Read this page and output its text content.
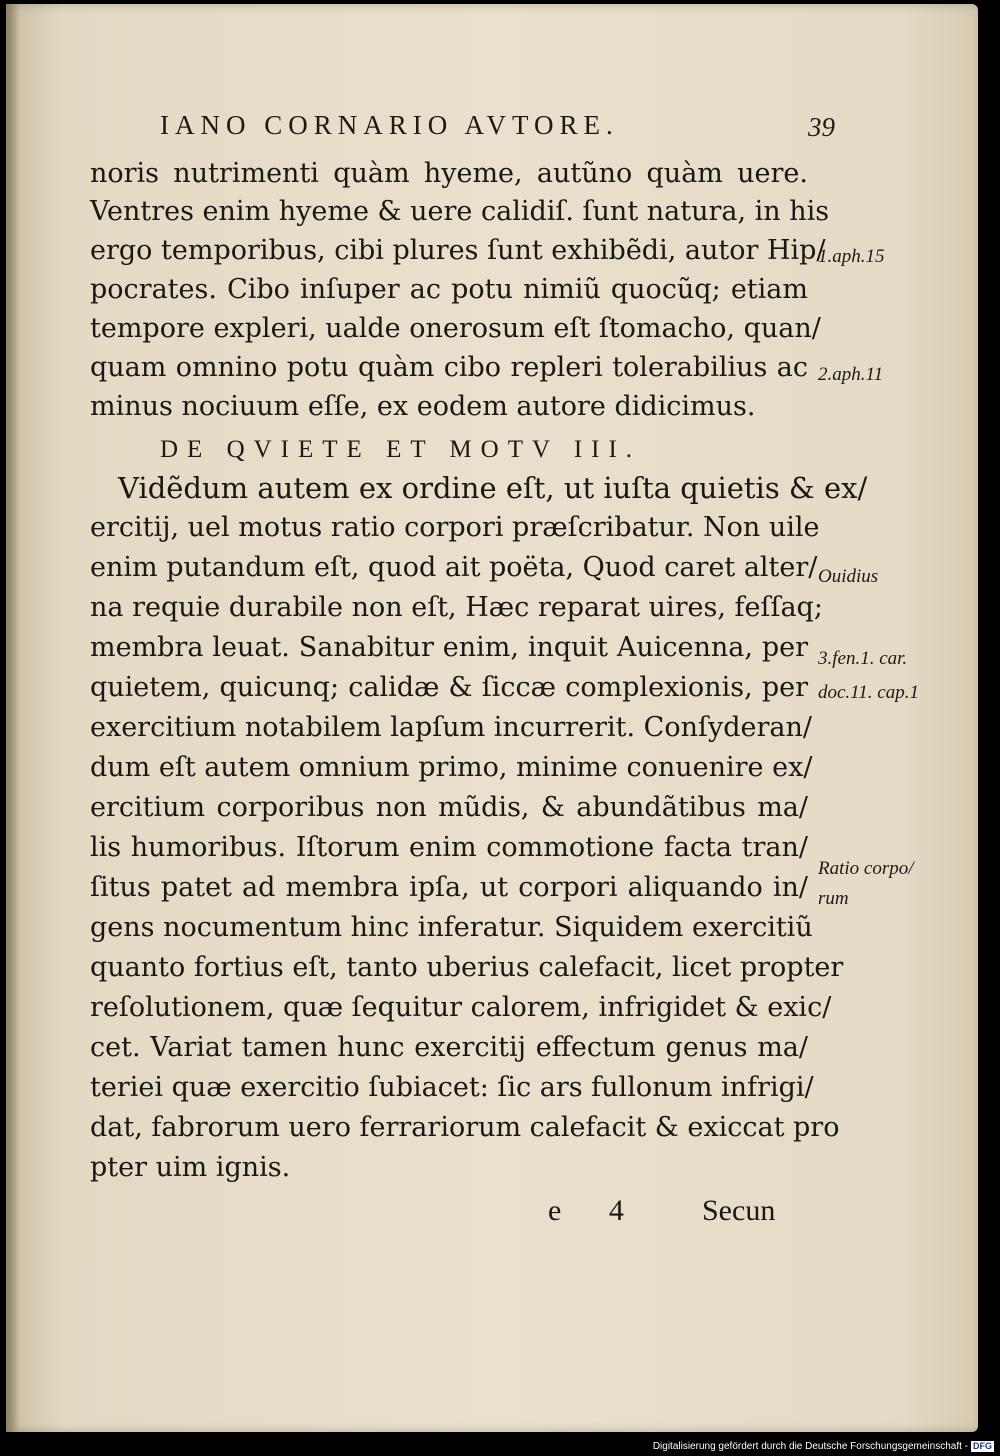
IANO CORNARIO AVTORE.	39
noris nutrimenti quàm hyeme, autũno quàm uere.
Ventres enim hyeme & uere calidiſ. ſunt natura, in his
ergo temporibus, cibi plures ſunt exhibẽdi, autor Hip/
pocrates. Cibo inſuper ac potu nimiũ quocũq; etiam
tempore expleri, ualde onerosum eſt ſtomacho, quan/
quam omnino potu quàm cibo repleri tolerabilius ac
minus nociuum eſſe, ex eodem autore didicimus.
DE QVIETE ET MOTV III.
Vidẽdum autem ex ordine eſt, ut iuſta quietis & ex/
ercitij, uel motus ratio corpori præſcribatur. Non uile
enim putandum eſt, quod ait poëta, Quod caret alter/
na requie durabile non eſt, Hæc reparat uires, feſſaq;
membra leuat. Sanabitur enim, inquit Auicenna, per
quietem, quicunq; calidæ & ſiccæ complexionis, per
exercitium notabilem lapſum incurrerit. Conſyderan/
dum eſt autem omnium primo, minime conuenire ex/
ercitium corporibus non mũdis, & abundãtibus ma/
lis humoribus. Iſtorum enim commotione facta tran/
ſitus patet ad membra ipſa, ut corpori aliquando in/
gens nocumentum hinc inferatur. Siquidem exercitiũ
quanto fortius eſt, tanto uberius calefacit, licet propter
reſolutionem, quæ ſequitur calorem, infrigidet & exic/
cet. Variat tamen hunc exercitij effectum genus ma/
teriei quæ exercitio ſubiacet: ſic ars fullonum infrigi/
dat, fabrorum uero ferrariorum calefacit & exiccat pro
pter uim ignis.
1.aph.15
2.aph.11
Ouidius
3.fen.1. car.
doc.11. cap.1
Ratio corpo/
rum
e 4 Secun
Digitalisierung gefördert durch die Deutsche Forschungsgemeinschaft - DFG
